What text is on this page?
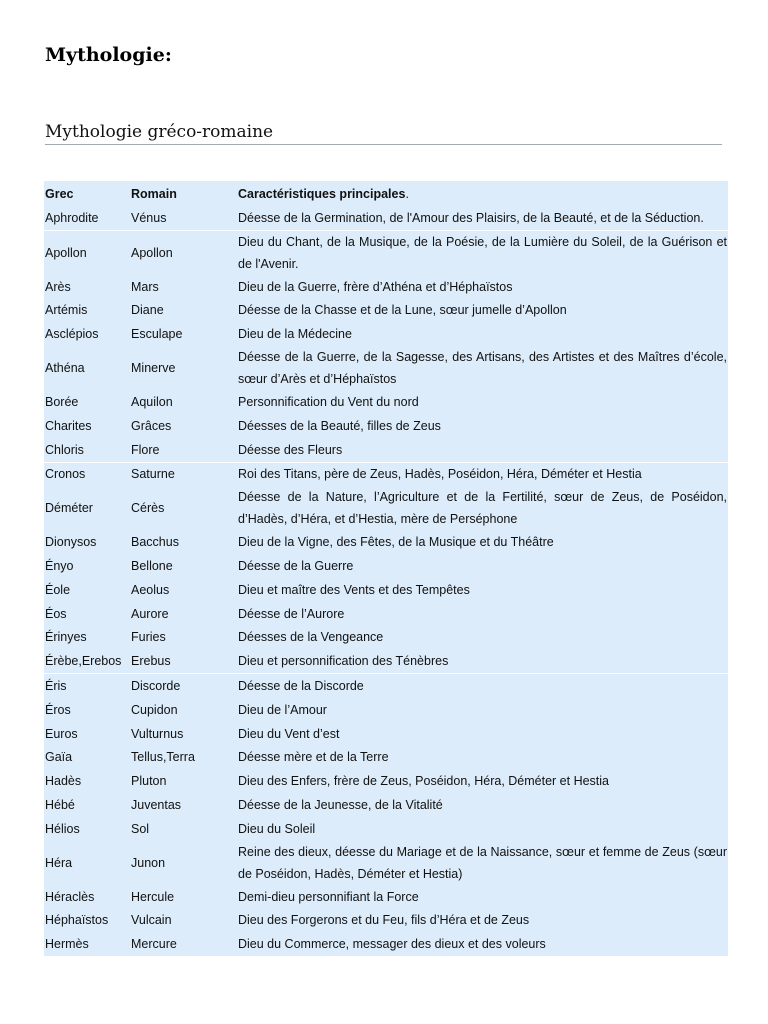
Mythologie:
Mythologie gréco-romaine
Grec	Romain	Caractéristiques principales.
Aphrodite	Vénus	Déesse de la Germination, de l'Amour des Plaisirs, de la Beauté, et de la Séduction.
Apollon	Apollon	Dieu du Chant, de la Musique, de la Poésie, de la Lumière du Soleil, de la Guérison et de l'Avenir.
Arès	Mars	Dieu de la Guerre, frère d’Athéna et d’Héphaïstos
Artémis	Diane	Déesse de la Chasse et de la Lune, sœur jumelle d’Apollon
Asclépios	Esculape	Dieu de la Médecine
Athéna	Minerve	Déesse de la Guerre, de la Sagesse, des Artisans, des Artistes et des Maîtres d’école, sœur d’Arès et d’Héphaïstos
Borée	Aquilon	Personnification du Vent du nord
Charites	Grâces	Déesses de la Beauté, filles de Zeus
Chloris	Flore	Déesse des Fleurs
Cronos	Saturne	Roi des Titans, père de Zeus, Hadès, Poséidon, Héra, Déméter et Hestia
Déméter	Cérès	Déesse de la Nature, l’Agriculture et de la Fertilité, sœur de Zeus, de Poséidon, d’Hadès, d’Héra, et d’Hestia, mère de Perséphone
Dionysos	Bacchus	Dieu de la Vigne, des Fêtes, de la Musique et du Théâtre
Ényo	Bellone	Déesse de la Guerre
Éole	Aeolus	Dieu et maître des Vents et des Tempêtes
Éos	Aurore	Déesse de l’Aurore
Érinyes	Furies	Déesses de la Vengeance
Érèbe,Erebos	Erebus	Dieu et personnification des Ténèbres
Éris	Discorde	Déesse de la Discorde
Éros	Cupidon	Dieu de l’Amour
Euros	Vulturnus	Dieu du Vent d’est
Gaïa	Tellus,Terra	Déesse mère et de la Terre
Hadès	Pluton	Dieu des Enfers, frère de Zeus, Poséidon, Héra, Déméter et Hestia
Hébé	Juventas	Déesse de la Jeunesse, de la Vitalité
Hélios	Sol	Dieu du Soleil
Héra	Junon	Reine des dieux, déesse du Mariage et de la Naissance, sœur et femme de Zeus (sœur de Poséidon, Hadès, Déméter et Hestia)
Héraclès	Hercule	Demi-dieu personnifiant la Force
Héphaïstos	Vulcain	Dieu des Forgerons et du Feu, fils d’Héra et de Zeus
Hermès	Mercure	Dieu du Commerce, messager des dieux et des voleurs
